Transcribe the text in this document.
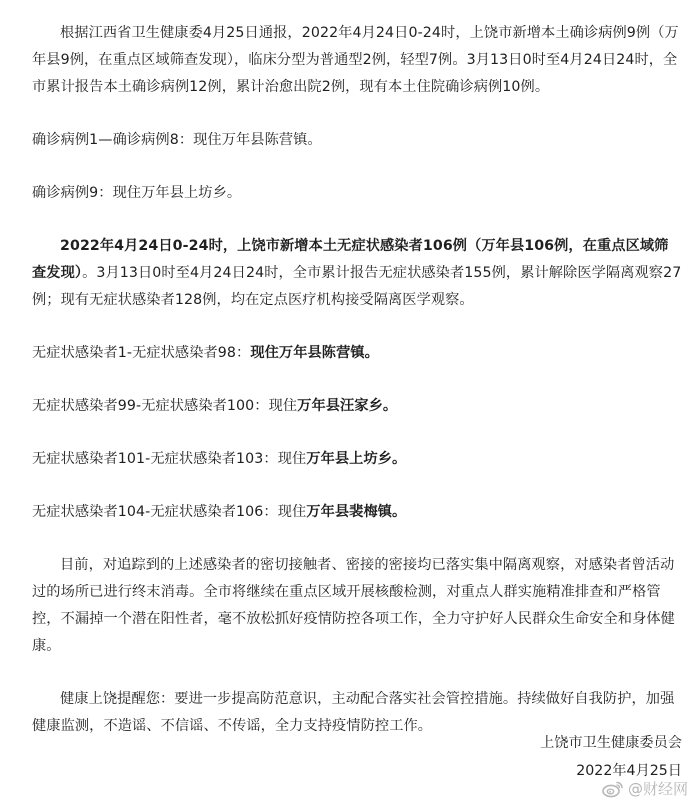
根据江西省卫生健康委4月25日通报，2022年4月24日0-24时，上饶市新增本土确诊病例9例（万年县9例，在重点区域筛查发现），临床分型为普通型2例，轻型7例。3月13日0时至4月24日24时，全市累计报告本土确诊病例12例，累计治愈出院2例，现有本土住院确诊病例10例。

确诊病例1—确诊病例8：现住万年县陈营镇。

确诊病例9：现住万年县上坊乡。

2022年4月24日0-24时，上饶市新增本土无症状感染者106例（万年县106例，在重点区域筛查发现）。3月13日0时至4月24日24时，全市累计报告无症状感染者155例，累计解除医学隔离观察27例；现有无症状感染者128例，均在定点医疗机构接受隔离医学观察。

无症状感染者1-无症状感染者98：现住万年县陈营镇。

无症状感染者99-无症状感染者100：现住万年县汪家乡。

无症状感染者101-无症状感染者103：现住万年县上坊乡。

无症状感染者104-无症状感染者106：现住万年县裴梅镇。

目前，对追踪到的上述感染者的密切接触者、密接的密接均已落实集中隔离观察，对感染者曾活动过的场所已进行终末消毒。全市将继续在重点区域开展核酸检测，对重点人群实施精准排查和严格管控，不漏掉一个潜在阳性者，毫不放松抓好疫情防控各项工作，全力守护好人民群众生命安全和身体健康。

健康上饶提醒您：要进一步提高防范意识，主动配合落实社会管控措施。持续做好自我防护，加强健康监测，不造谣、不信谣、不传谣，全力支持疫情防控工作。

上饶市卫生健康委员会
2022年4月25日
@财经网
